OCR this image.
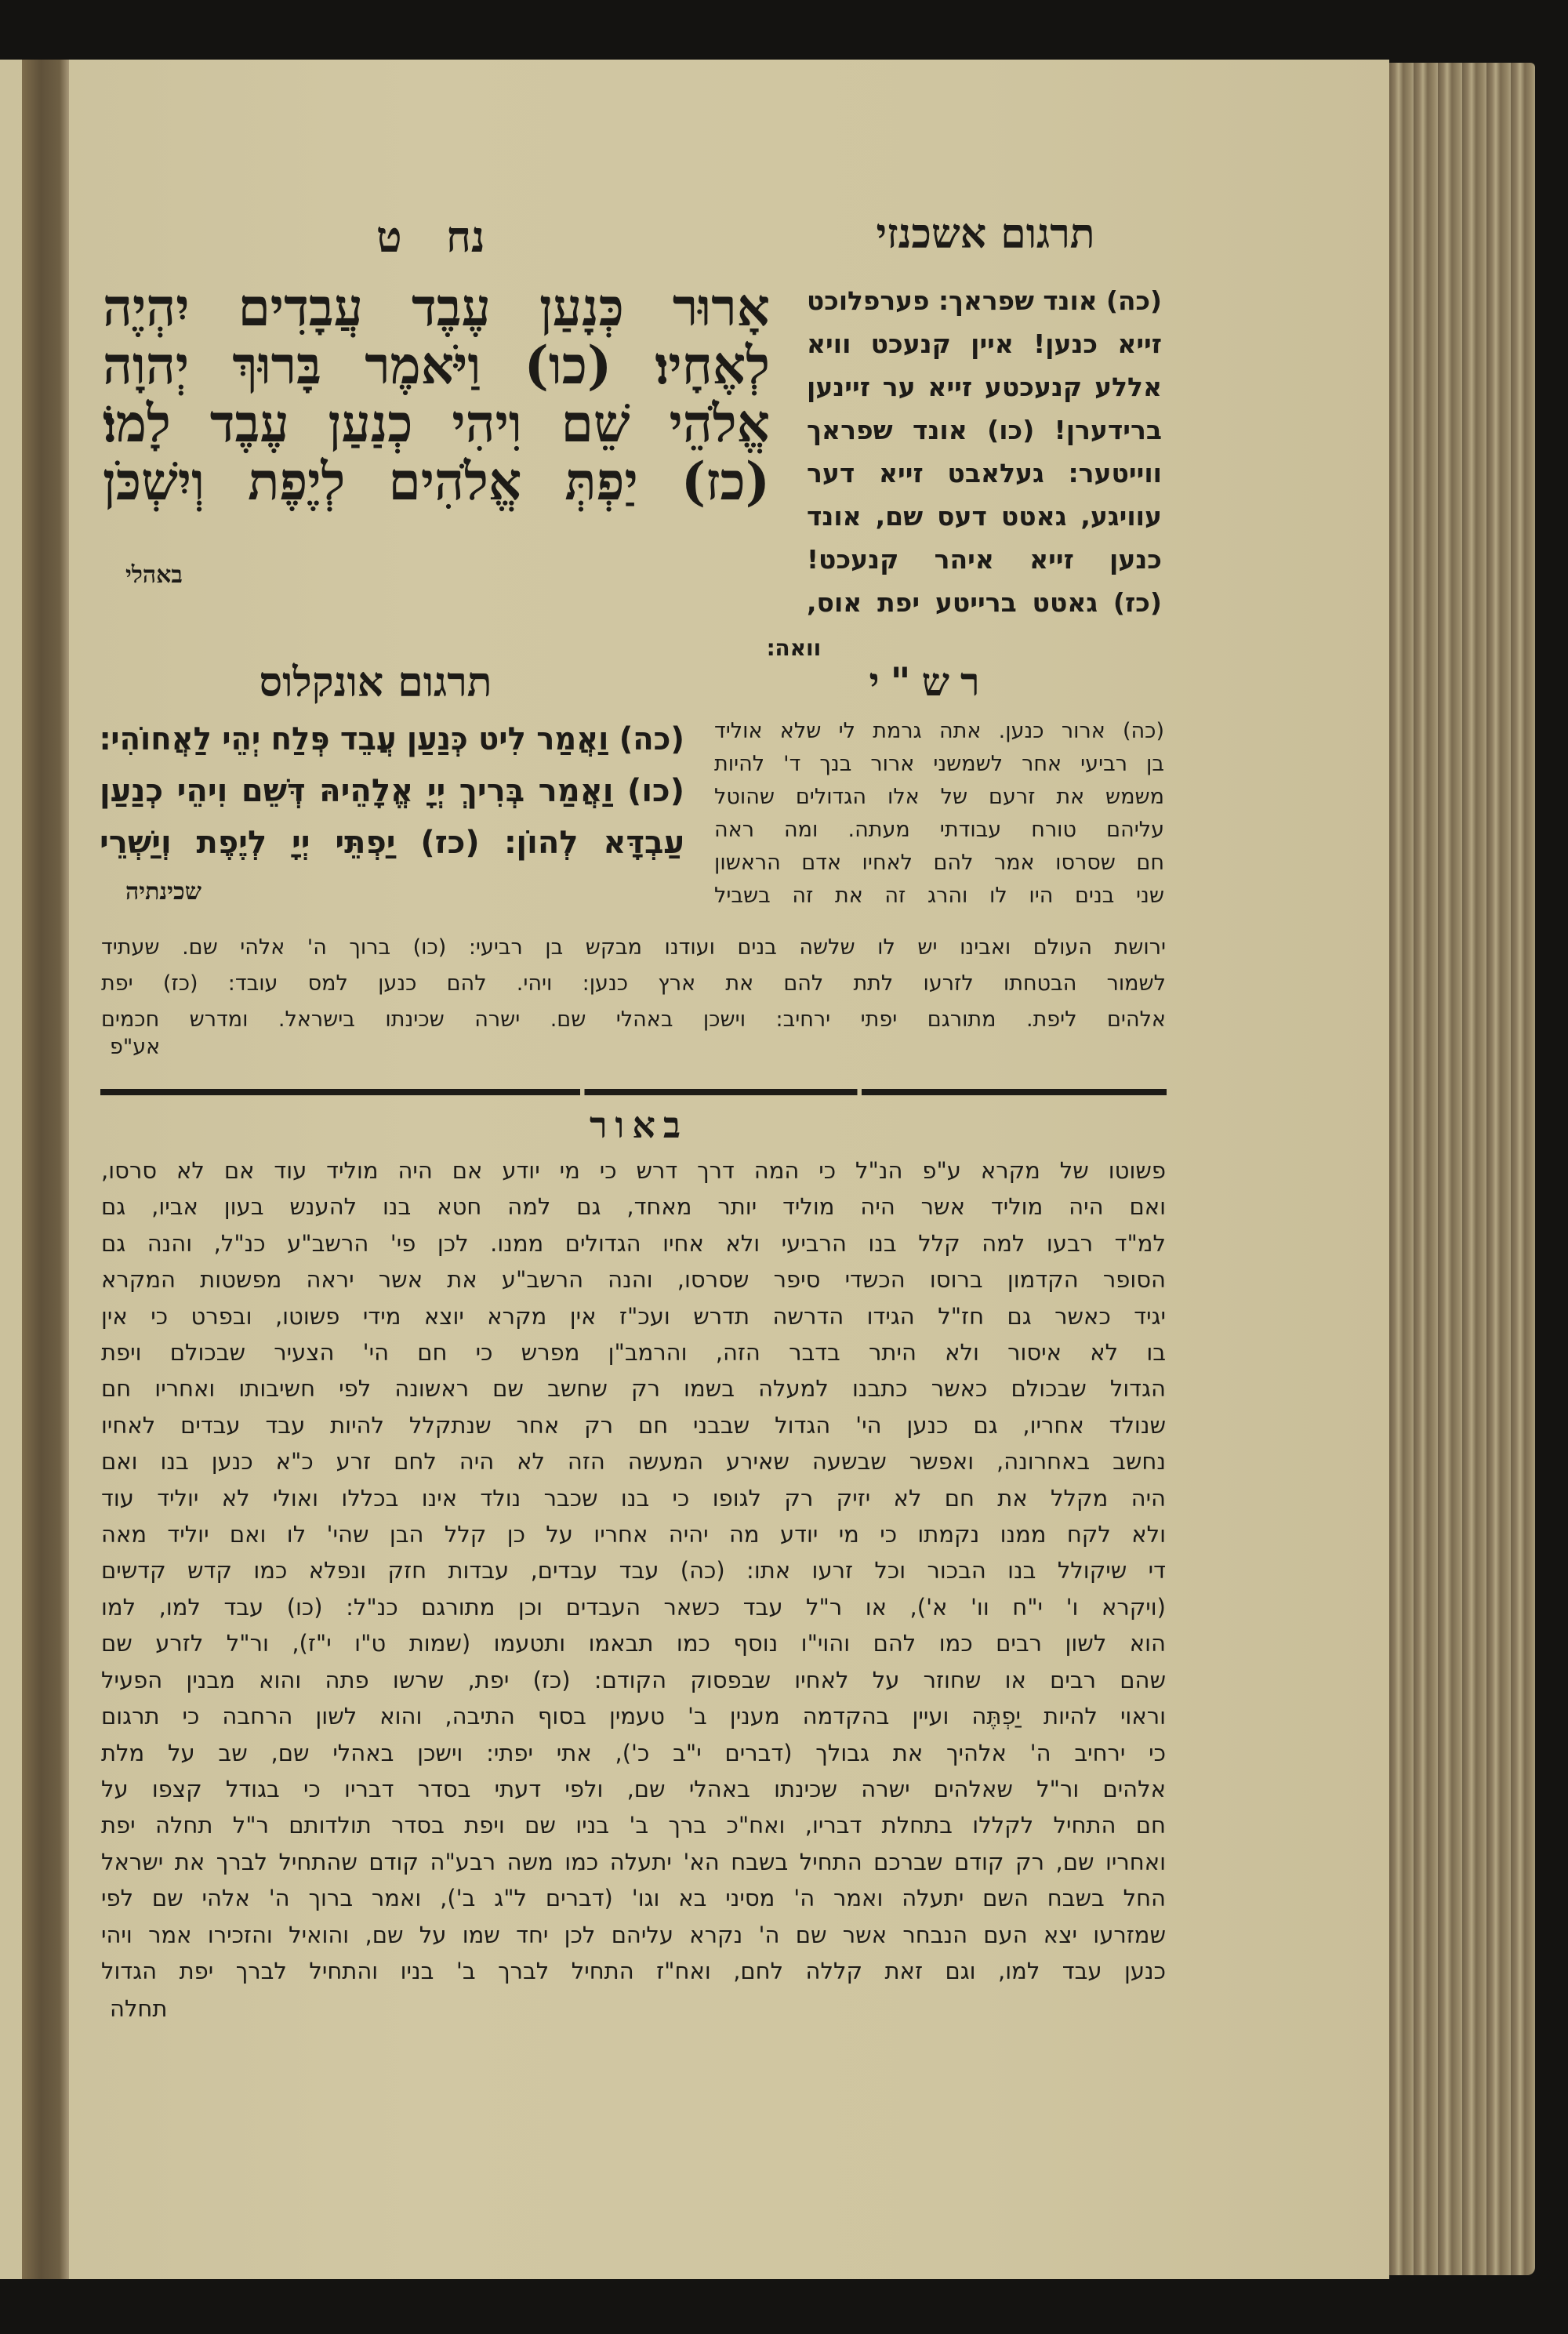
נח   ט	תרגום אשכנזי
אָרוּר כְּנָעַן עֶבֶד עֲבָדִים יִהְיֶה
לְאֶחָיו׃ (כו) וַיֹּאמֶר בָּרוּךְ יְהוָה
אֱלֹהֵי שֵׁם וִיהִי כְנַעַן עֶבֶד לָמוֹ׃
(כז) יַפְתְּ אֱלֹהִים לְיֶפֶת וְיִשְׁכֹּן
באהלי
(כה) אונד שפראך: פערפלוכט
זייא כנען! איין קנעכט וויא
אללע קנעכטע זייא ער זיינען
ברידערן! (כו) אונד שפראך
ווייטער: געלאבט זייא דער
עוויגע, גאטט דעס שם, אונד
כנען זייא איהר קנעכט!
(כז) גאטט ברייטע יפת אוס,
וואה׃
תרגום אונקלוס	רש"י
(כה) וַאֲמַר לִיט כְּנַעַן עֲבֵד פְּלַח יְהֵי לַאֲחוֹהִי׃
(כו) וַאֲמַר בְּרִיךְ יְיָ אֱלָהֵיהּ דְּשֵׁם וִיהֵי כְנַעַן
עַבְדָּא לְהוֹן׃ (כז) יַפְתֵּי יְיָ לְיֶפֶת וְיַשְׁרֵי
שכינתיה
(כה) ארור כנען. אתה גרמת לי שלא אוליד
בן רביעי אחר לשמשני ארור בנך ד' להיות
משמש את זרעם של אלו הגדולים שהוטל
עליהם טורח עבודתי מעתה. ומה ראה
חם שסרסו אמר להם לאחיו אדם הראשון
שני בנים היו לו והרג זה את זה בשביל
ירושת העולם ואבינו יש לו שלשה בנים ועודנו מבקש בן רביעי: (כו) ברוך ה' אלהי שם. שעתיד
לשמור הבטחתו לזרעו לתת להם את ארץ כנען: ויהי. להם כנען למס עובד: (כז) יפת
אלהים ליפת. מתורגם יפתי ירחיב: וישכן באהלי שם. ישרה שכינתו בישראל. ומדרש חכמים
אע"פ
באור
פשוטו של מקרא ע"פ הנ"ל כי המה דרך דרש כי מי יודע אם היה מוליד עוד אם לא סרסו,
ואם היה מוליד אשר היה מוליד יותר מאחד, גם למה חטא בנו להענש בעון אביו, גם
למ"ד רבעו למה קלל בנו הרביעי ולא אחיו הגדולים ממנו. לכן פי' הרשב"ע כנ"ל, והנה גם
הסופר הקדמון ברוסו הכשדי סיפר שסרסו, והנה הרשב"ע את אשר יראה מפשטות המקרא
יגיד כאשר גם חז"ל הגידו הדרשה תדרש ועכ"ז אין מקרא יוצא מידי פשוטו, ובפרט כי אין
בו לא איסור ולא היתר בדבר הזה, והרמב"ן מפרש כי חם הי' הצעיר שבכולם ויפת
הגדול שבכולם כאשר כתבנו למעלה בשמו רק שחשב שם ראשונה לפי חשיבותו ואחריו חם
שנולד אחריו, גם כנען הי' הגדול שבבני חם רק אחר שנתקלל להיות עבד עבדים לאחיו
נחשב באחרונה, ואפשר שבשעה שאירע המעשה הזה לא היה לחם זרע כ"א כנען בנו ואם
היה מקלל את חם לא יזיק רק לגופו כי בנו שכבר נולד אינו בכללו ואולי לא יוליד עוד
ולא לקח ממנו נקמתו כי מי יודע מה יהיה אחריו על כן קלל הבן שהי' לו ואם יוליד מאה
די שיקולל בנו הבכור וכל זרעו אתו: (כה) עבד עבדים, עבדות חזק ונפלא כמו קדש קדשים
(ויקרא ו' י"ח וו' א'), או ר"ל עבד כשאר העבדים וכן מתורגם כנ"ל: (כו) עבד למו, למו
הוא לשון רבים כמו להם והוי"ו נוסף כמו תבאמו ותטעמו (שמות ט"ו י"ז), ור"ל לזרע שם
שהם רבים או שחוזר על לאחיו שבפסוק הקודם: (כז) יפת, שרשו פתה והוא מבנין הפעיל
וראוי להיות יַפְתֶּה ועיין בהקדמה מענין ב' טעמין בסוף התיבה, והוא לשון הרחבה כי תרגום
כי ירחיב ה' אלהיך את גבולך (דברים י"ב כ'), אתי יפתי: וישכן באהלי שם, שב על מלת
אלהים ור"ל שאלהים ישרה שכינתו באהלי שם, ולפי דעתי בסדר דבריו כי בגודל קצפו על
חם התחיל לקללו בתחלת דבריו, ואח"כ ברך ב' בניו שם ויפת בסדר תולדותם ר"ל תחלה יפת
ואחריו שם, רק קודם שברכם התחיל בשבח הא' יתעלה כמו משה רבע"ה קודם שהתחיל לברך את ישראל
החל בשבח השם יתעלה ואמר ה' מסיני בא וגו' (דברים ל"ג ב'), ואמר ברוך ה' אלהי שם לפי
שמזרעו יצא העם הנבחר אשר שם ה' נקרא עליהם לכן יחד שמו על שם, והואיל והזכירו אמר ויהי
כנען עבד למו, וגם זאת קללה לחם, ואח"ז התחיל לברך ב' בניו והתחיל לברך יפת הגדול
תחלה
